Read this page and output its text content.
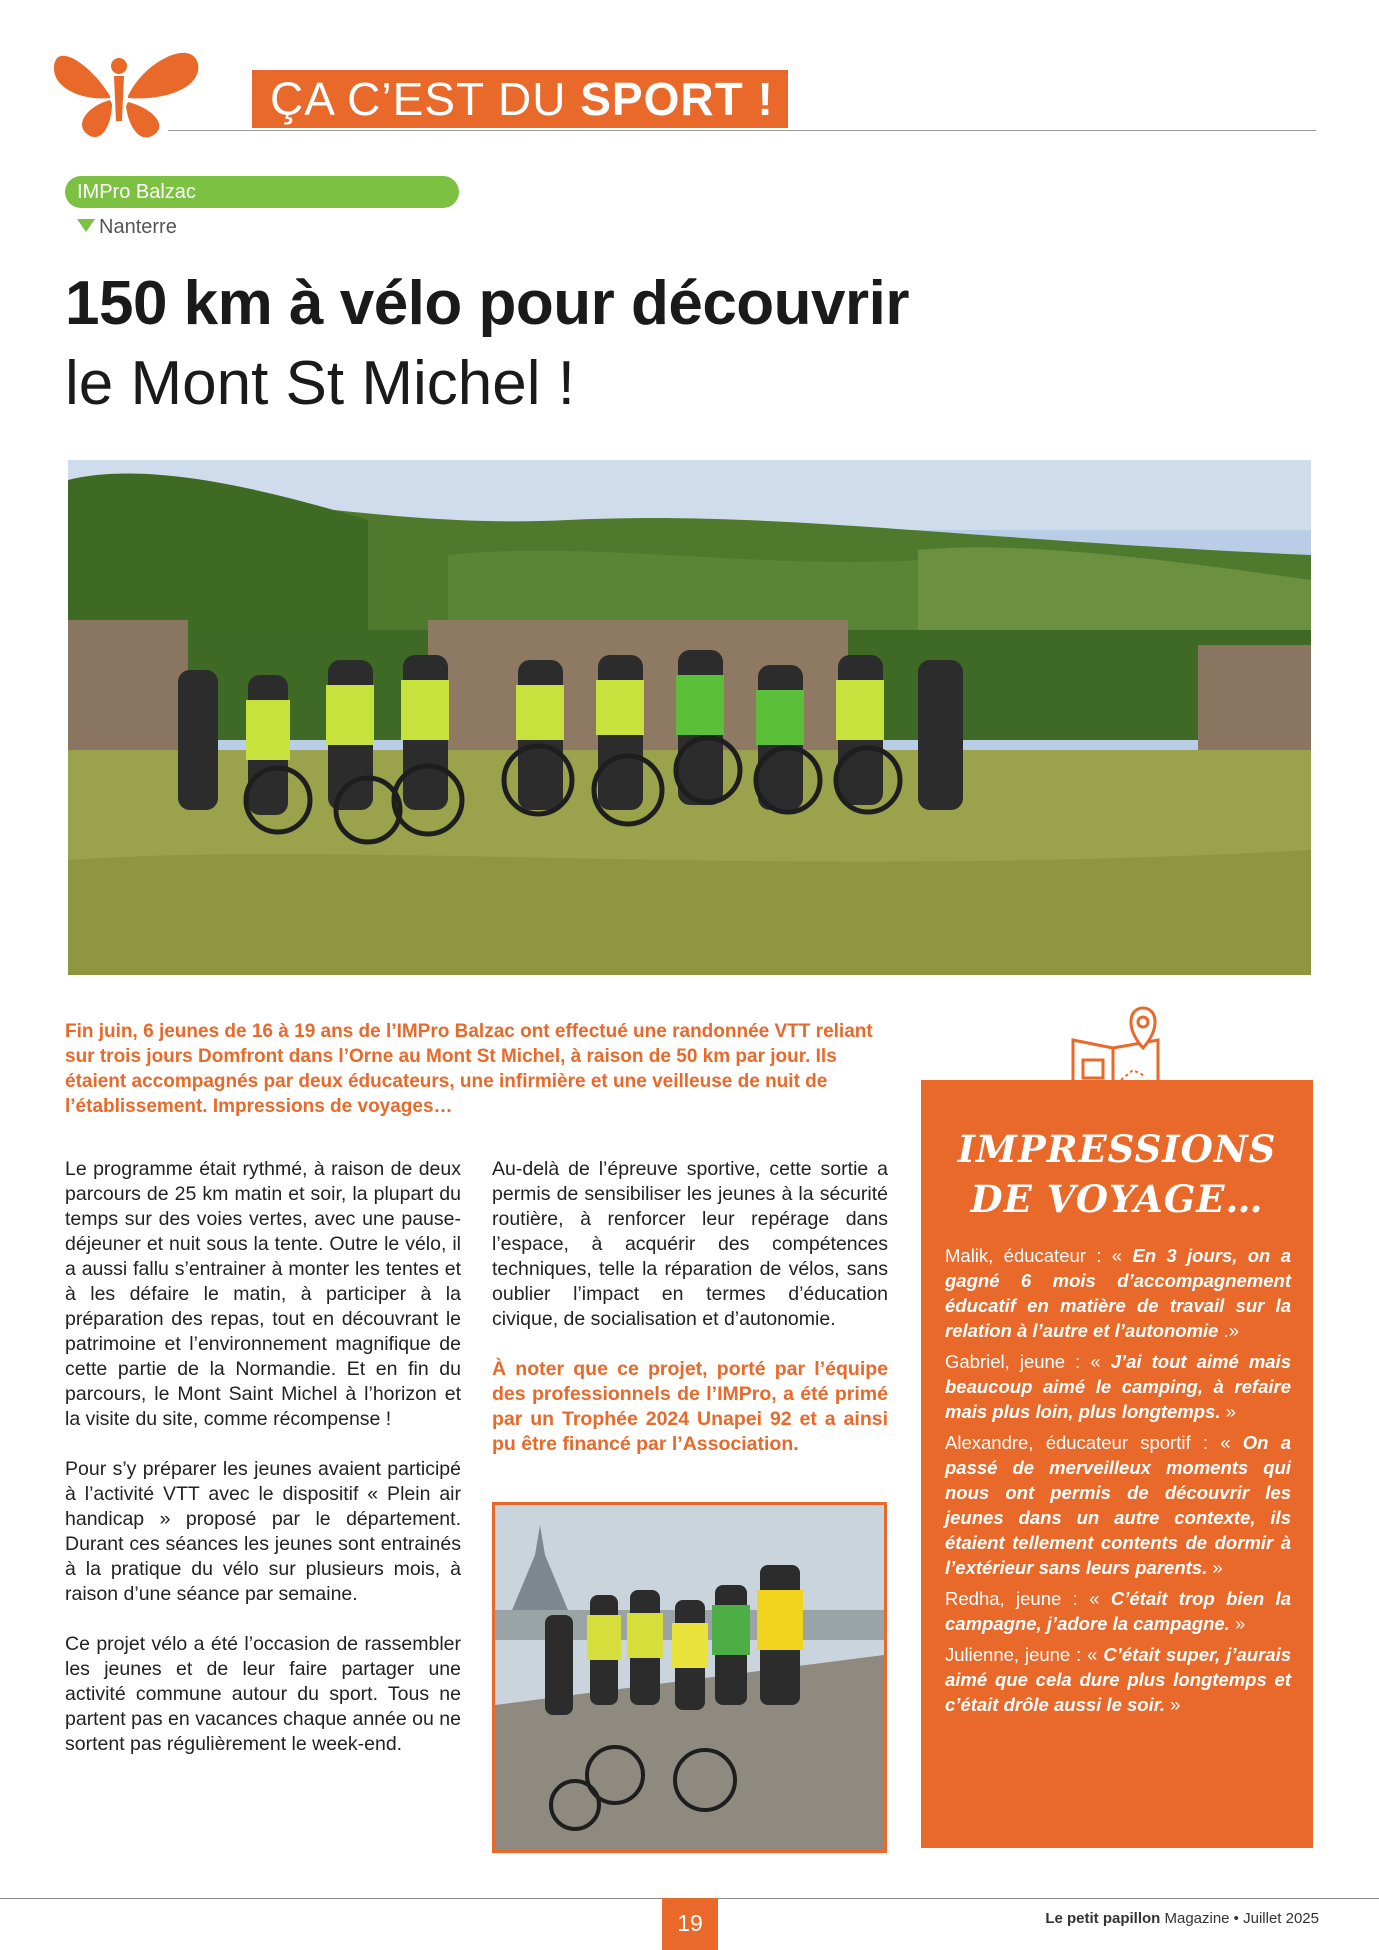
ÇA C’EST DU SPORT !
IMPro Balzac
Nanterre
150 km à vélo pour découvrir
le Mont St Michel !

Fin juin, 6 jeunes de 16 à 19 ans de l’IMPro Balzac ont effectué une randonnée VTT reliant sur trois jours Domfront dans l’Orne au Mont St Michel, à raison de 50 km par jour. Ils étaient accompagnés par deux éducateurs, une infirmière et une veilleuse de nuit de l’établissement. Impressions de voyages…

Le programme était rythmé, à raison de deux parcours de 25 km matin et soir, la plupart du temps sur des voies vertes, avec une pause-déjeuner et nuit sous la tente. Outre le vélo, il a aussi fallu s’entrainer à monter les tentes et à les défaire le matin, à participer à la préparation des repas, tout en découvrant le patrimoine et l’environnement magnifique de cette partie de la Normandie. Et en fin du parcours, le Mont Saint Michel à l’horizon et la visite du site, comme récompense !

Pour s’y préparer les jeunes avaient participé à l’activité VTT avec le dispositif « Plein air handicap » proposé par le département. Durant ces séances les jeunes sont entrainés à la pratique du vélo sur plusieurs mois, à raison d’une séance par semaine.

Ce projet vélo a été l’occasion de rassembler les jeunes et de leur faire partager une activité commune autour du sport. Tous ne partent pas en vacances chaque année ou ne sortent pas régulièrement le week-end.

Au-delà de l’épreuve sportive, cette sortie a permis de sensibiliser les jeunes à la sécurité routière, à renforcer leur repérage dans l’espace, à acquérir des compétences techniques, telle la réparation de vélos, sans oublier l’impact en termes d’éducation civique, de socialisation et d’autonomie.

À noter que ce projet, porté par l’équipe des professionnels de l’IMPro, a été primé par un Trophée 2024 Unapei 92 et a ainsi pu être financé par l’Association.

IMPRESSIONS
DE VOYAGE…
Malik, éducateur : « En 3 jours, on a gagné 6 mois d’accompagnement éducatif en matière de travail sur la relation à l’autre et l’autonomie .»
Gabriel, jeune : « J’ai tout aimé mais beaucoup aimé le camping, à refaire mais plus loin, plus longtemps. »
Alexandre, éducateur sportif : « On a passé de merveilleux moments qui nous ont permis de découvrir les jeunes dans un autre contexte, ils étaient tellement contents de dormir à l’extérieur sans leurs parents. »
Redha, jeune : « C’était trop bien la campagne, j’adore la campagne. »
Julienne, jeune : « C’était super, j’aurais aimé que cela dure plus longtemps et c’était drôle aussi le soir. »
19	Le petit papillon Magazine • Juillet 2025
